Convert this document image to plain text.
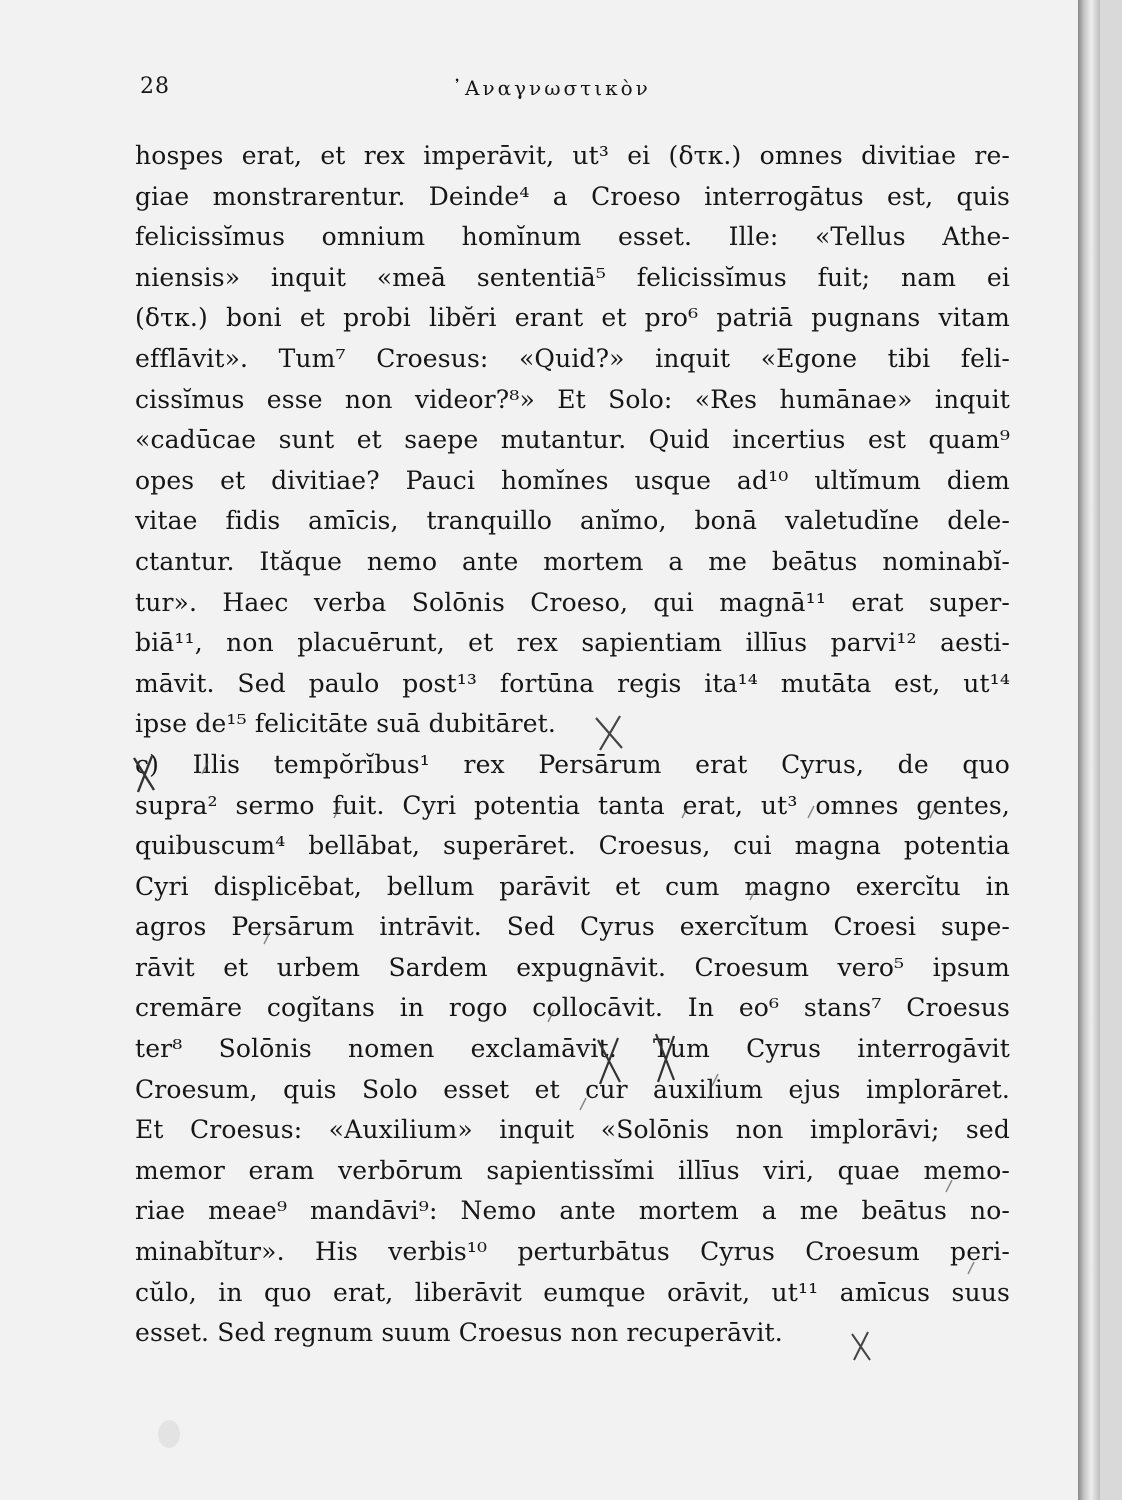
28	᾿Αναγνωστικὸν
hospes erat, et rex imperāvit, ut³ ei (δτκ.) omnes divitiae re-
giae monstrarentur. Deinde⁴ a Croeso interrogātus est, quis
felicissĭmus omnium homĭnum esset. Ille: «Tellus Athe-
niensis» inquit «meā sententiā⁵ felicissĭmus fuit; nam ei
(δτκ.) boni et probi libĕri erant et pro⁶ patriā pugnans vitam
efflāvit». Tum⁷ Croesus: «Quid?» inquit «Egone tibi feli-
cissĭmus esse non videor?⁸» Et Solo: «Res humānae» inquit
«cadūcae sunt et saepe mutantur. Quid incertius est quam⁹
opes et divitiae? Pauci homĭnes usque ad¹⁰ ultĭmum diem
vitae fidis amīcis, tranquillo anĭmo, bonā valetudĭne dele-
ctantur. Ităque nemo ante mortem a me beātus nominabĭ-
tur». Haec verba Solōnis Croeso, qui magnā¹¹ erat super-
biā¹¹, non placuērunt, et rex sapientiam illīus parvi¹² aesti-
māvit. Sed paulo post¹³ fortūna regis ita¹⁴ mutāta est, ut¹⁴
ipse de¹⁵ felicitāte suā dubitāret.
c) Illis tempŏrĭbus¹ rex Persārum erat Cyrus, de quo
supra² sermo fuit. Cyri potentia tanta erat, ut³ omnes gentes,
quibuscum⁴ bellābat, superāret. Croesus, cui magna potentia
Cyri displicēbat, bellum parāvit et cum magno exercĭtu in
agros Persārum intrāvit. Sed Cyrus exercĭtum Croesi supe-
rāvit et urbem Sardem expugnāvit. Croesum vero⁵ ipsum
cremāre cogĭtans in rogo collocāvit. In eo⁶ stans⁷ Croesus
ter⁸ Solōnis nomen exclamāvit. Tum Cyrus interrogāvit
Croesum, quis Solo esset et cur auxilium ejus implorāret.
Et Croesus: «Auxilium» inquit «Solōnis non implorāvi; sed
memor eram verbōrum sapientissĭmi illīus viri, quae memo-
riae meae⁹ mandāvi⁹: Nemo ante mortem a me beātus no-
minabĭtur». His verbis¹⁰ perturbātus Cyrus Croesum peri-
cŭlo, in quo erat, liberāvit eumque orāvit, ut¹¹ amīcus suus
esset. Sed regnum suum Croesus non recuperāvit.
